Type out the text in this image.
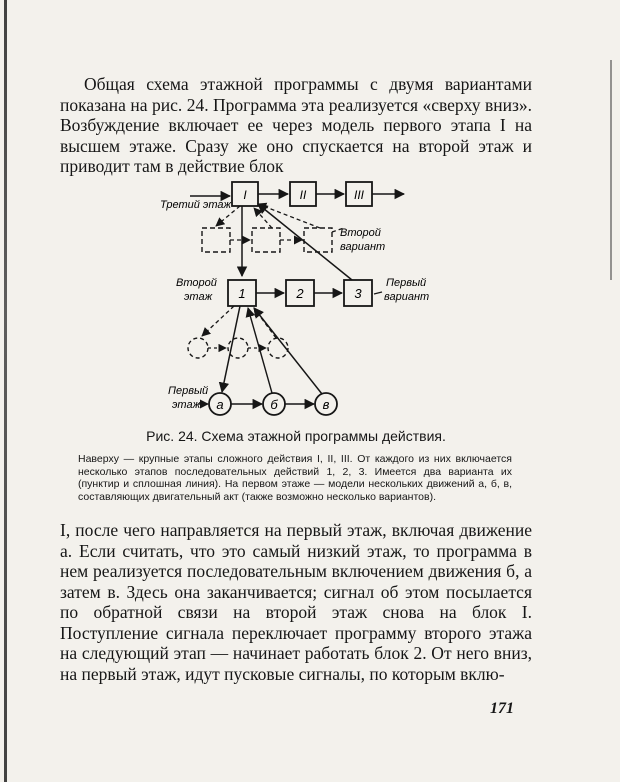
Общая схема этажной программы с двумя вариантами показана на рис. 24. Программа эта реализуется «сверху вниз». Возбуждение включает ее через модель первого этапа I на высшем этаже. Сразу же оно спускается на второй этаж и приводит там в действие блок

Третий этаж
I	II	III
Второй
вариант
Второй
этаж 1	2	3
Первый
вариант
Первый
этаж a	б	в
Рис. 24. Схема этажной программы действия.

Наверху — крупные этапы сложного действия I, II, III. От каждого из них включается несколько этапов последовательных действий 1, 2, 3. Имеется два варианта их (пунктир и сплошная линия). На первом этаже — модели нескольких движений а, б, в, составляющих двигательный акт (также возможно несколько вариантов).

I, после чего направляется на первый этаж, включая движение а. Если считать, что это самый низкий этаж, то программа в нем реализуется последовательным включением движения б, а затем в. Здесь она заканчивается; сигнал об этом посылается по обратной связи на второй этаж снова на блок I. Поступление сигнала переключает программу второго этажа на следующий этап — начинает работать блок 2. От него вниз, на первый этаж, идут пусковые сигналы, по которым вклю-

171
